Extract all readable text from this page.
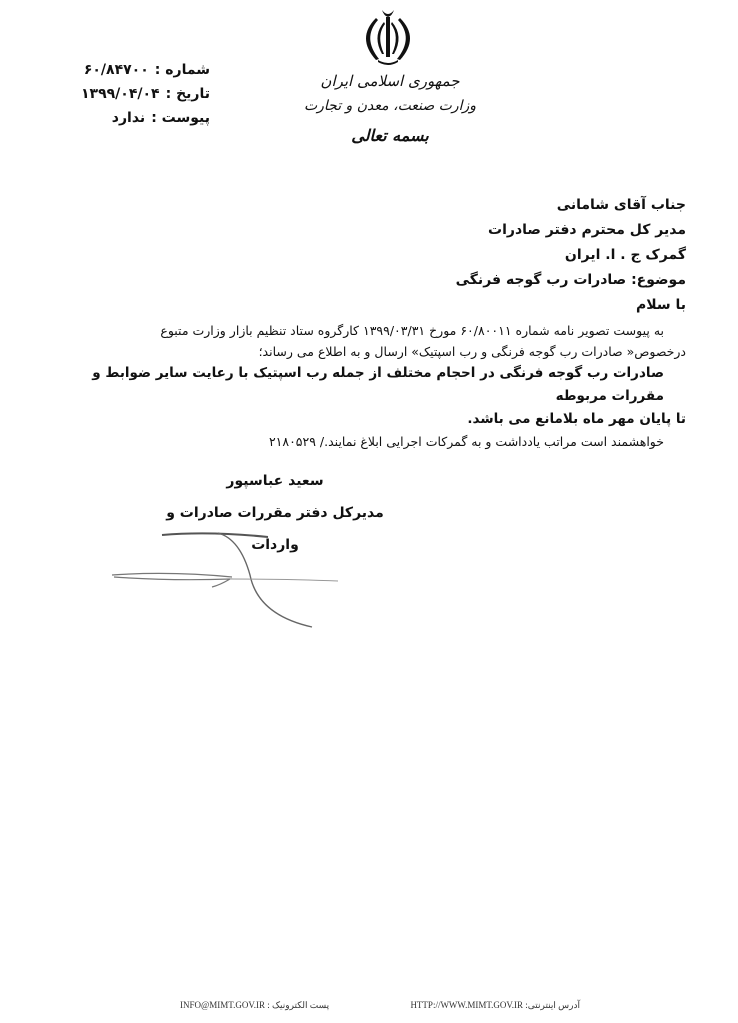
شماره :
۶۰/۸۴۷۰۰
تاریخ :
۱۳۹۹/۰۴/۰۴
پیوست :
ندارد
جمهوری اسلامی ایران
وزارت صنعت، معدن و تجارت
بسمه تعالی
جناب آقای شامانی
مدیر کل محترم دفتر صادرات
گمرک ج . ا. ایران
موضوع: صادرات رب گوجه فرنگی
با سلام
به پیوست تصویر نامه شماره ۶۰/۸۰۰۱۱ مورخ ۱۳۹۹/۰۳/۳۱ کارگروه ستاد تنظیم بازار وزارت متبوع
درخصوص« صادرات رب گوجه فرنگی و رب اسپتیک» ارسال و به اطلاع می رساند؛
صادرات رب گوجه فرنگی در احجام مختلف از جمله رب اسپتیک با رعایت سایر ضوابط و مقررات مربوطه
تا پایان مهر ماه بلامانع می باشد.
خواهشمند است مراتب یادداشت و به گمرکات اجرایی ابلاغ نمایند./ ۲۱۸۰۵۲۹
سعید عباسپور
مدیرکل دفتر مقررات صادرات و واردات
INFO@MIMT.GOV.IR پست الکترونیک :	HTTP://WWW.MIMT.GOV.IR آدرس اینترنتی:
